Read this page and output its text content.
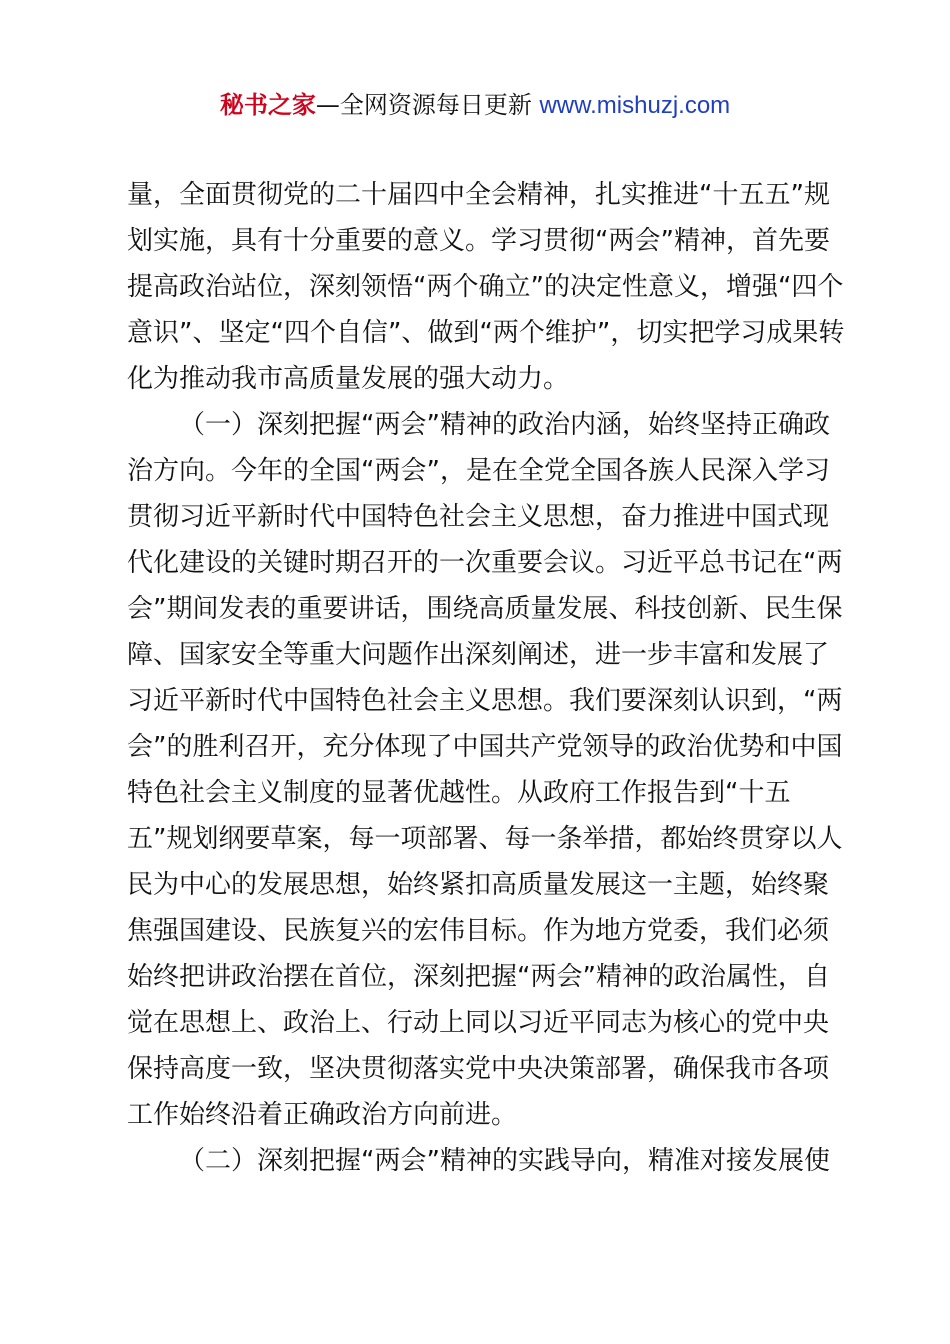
秘书之家—全网资源每日更新 www.mishuzj.com
量，全面贯彻党的二十届四中全会精神，扎实推进“十五五”规
划实施，具有十分重要的意义。学习贯彻“两会”精神，首先要
提高政治站位，深刻领悟“两个确立”的决定性意义，增强“四个
意识”、坚定“四个自信”、做到“两个维护”，切实把学习成果转
化为推动我市高质量发展的强大动力。
（一）深刻把握“两会”精神的政治内涵，始终坚持正确政
治方向。今年的全国“两会”，是在全党全国各族人民深入学习
贯彻习近平新时代中国特色社会主义思想，奋力推进中国式现
代化建设的关键时期召开的一次重要会议。习近平总书记在“两
会”期间发表的重要讲话，围绕高质量发展、科技创新、民生保
障、国家安全等重大问题作出深刻阐述，进一步丰富和发展了
习近平新时代中国特色社会主义思想。我们要深刻认识到，“两
会”的胜利召开，充分体现了中国共产党领导的政治优势和中国
特色社会主义制度的显著优越性。从政府工作报告到“十五
五”规划纲要草案，每一项部署、每一条举措，都始终贯穿以人
民为中心的发展思想，始终紧扣高质量发展这一主题，始终聚
焦强国建设、民族复兴的宏伟目标。作为地方党委，我们必须
始终把讲政治摆在首位，深刻把握“两会”精神的政治属性，自
觉在思想上、政治上、行动上同以习近平同志为核心的党中央
保持高度一致，坚决贯彻落实党中央决策部署，确保我市各项
工作始终沿着正确政治方向前进。
（二）深刻把握“两会”精神的实践导向，精准对接发展使
